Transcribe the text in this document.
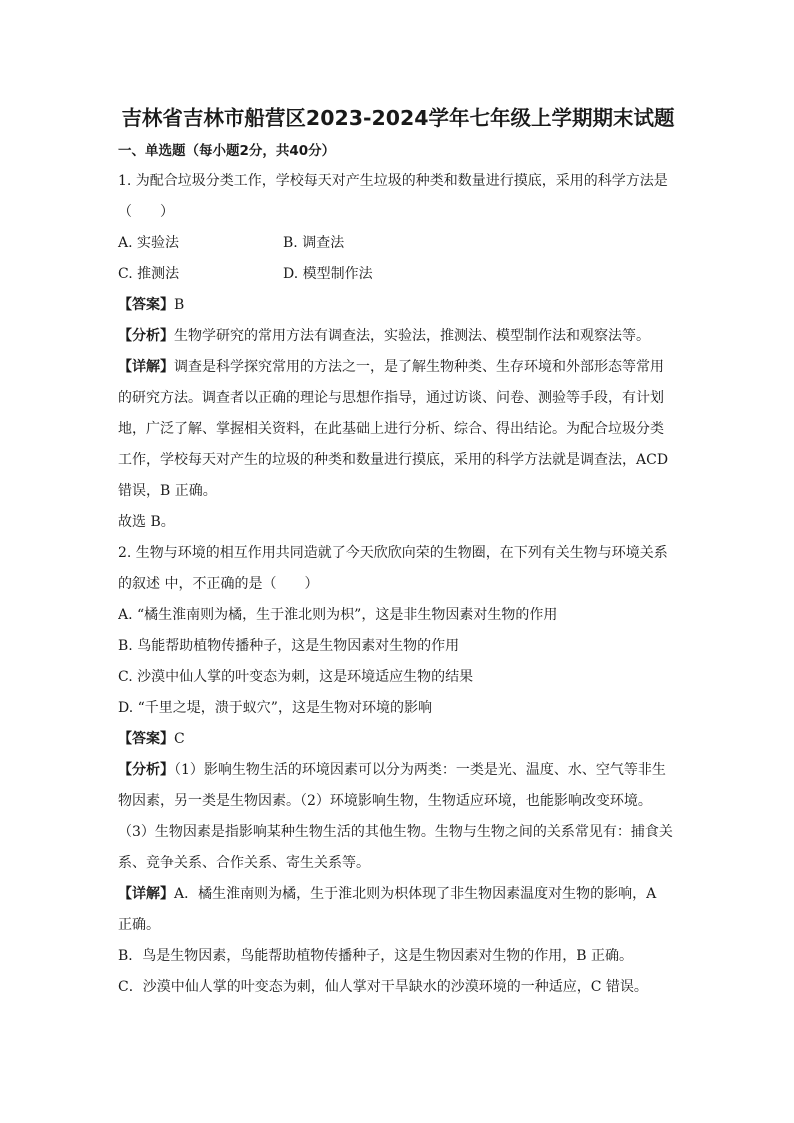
吉林省吉林市船营区2023-2024学年七年级上学期期末试题
一、单选题（每小题2分，共40分）
1. 为配合垃圾分类工作，学校每天对产生垃圾的种类和数量进行摸底，采用的科学方法是
（　　）
A. 实验法	B. 调查法
C. 推测法	D. 模型制作法
【答案】B
【分析】生物学研究的常用方法有调查法，实验法，推测法、模型制作法和观察法等。
【详解】调查是科学探究常用的方法之一，是了解生物种类、生存环境和外部形态等常用
的研究方法。调查者以正确的理论与思想作指导，通过访谈、问卷、测验等手段，有计划
地，广泛了解、掌握相关资料，在此基础上进行分析、综合、得出结论。为配合垃圾分类
工作，学校每天对产生的垃圾的种类和数量进行摸底，采用的科学方法就是调查法，ACD
错误，B 正确。
故选 B。
2. 生物与环境的相互作用共同造就了今天欣欣向荣的生物圈，在下列有关生物与环境关系
的叙述 中，不正确的是（　　）
A. “橘生淮南则为橘，生于淮北则为枳”，这是非生物因素对生物的作用
B. 鸟能帮助植物传播种子，这是生物因素对生物的作用
C. 沙漠中仙人掌的叶变态为刺，这是环境适应生物的结果
D. “千里之堤，溃于蚁穴”，这是生物对环境的影响
【答案】C
【分析】（1）影响生物生活的环境因素可以分为两类：一类是光、温度、水、空气等非生
物因素，另一类是生物因素。（2）环境影响生物，生物适应环境，也能影响改变环境。
（3）生物因素是指影响某种生物生活的其他生物。生物与生物之间的关系常见有：捕食关
系、竞争关系、合作关系、寄生关系等。
【详解】A．橘生淮南则为橘，生于淮北则为枳体现了非生物因素温度对生物的影响，A
正确。
B．鸟是生物因素，鸟能帮助植物传播种子，这是生物因素对生物的作用，B 正确。
C．沙漠中仙人掌的叶变态为刺，仙人掌对干旱缺水的沙漠环境的一种适应，C 错误。
